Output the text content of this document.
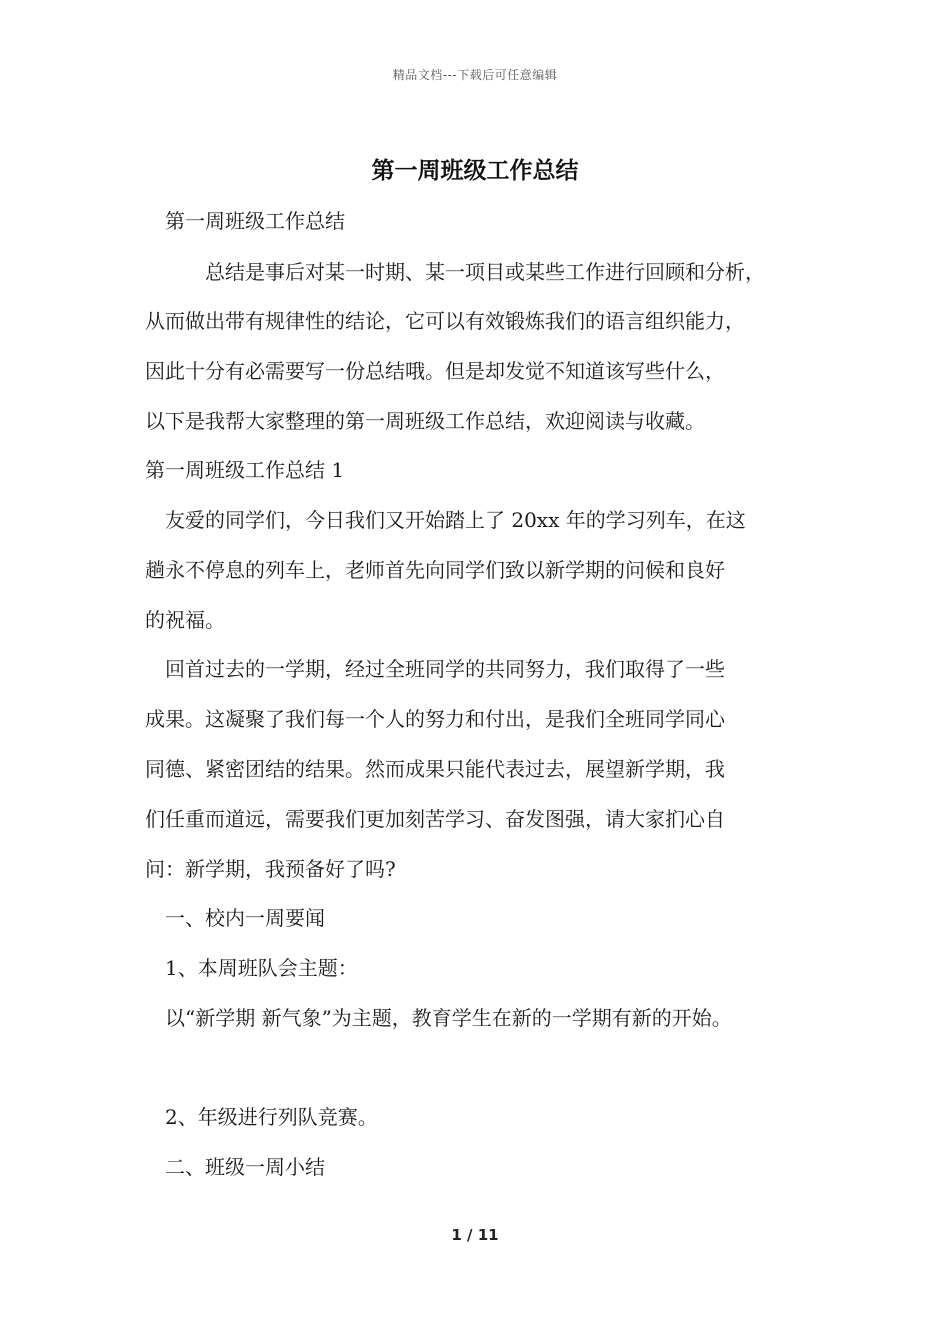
精品文档---下载后可任意编辑
第一周班级工作总结
第一周班级工作总结
总结是事后对某一时期、某一项目或某些工作进行回顾和分析，
从而做出带有规律性的结论，它可以有效锻炼我们的语言组织能力，
因此十分有必需要写一份总结哦。但是却发觉不知道该写些什么，
以下是我帮大家整理的第一周班级工作总结，欢迎阅读与收藏。
第一周班级工作总结 1
友爱的同学们，今日我们又开始踏上了 20xx 年的学习列车，在这
趟永不停息的列车上，老师首先向同学们致以新学期的问候和良好
的祝福。
回首过去的一学期，经过全班同学的共同努力，我们取得了一些
成果。这凝聚了我们每一个人的努力和付出，是我们全班同学同心
同德、紧密团结的结果。然而成果只能代表过去，展望新学期，我
们任重而道远，需要我们更加刻苦学习、奋发图强，请大家扪心自
问：新学期，我预备好了吗?
一、校内一周要闻
1、本周班队会主题：
以“新学期 新气象”为主题，教育学生在新的一学期有新的开始。
2、年级进行列队竞赛。
二、班级一周小结
1 / 11
